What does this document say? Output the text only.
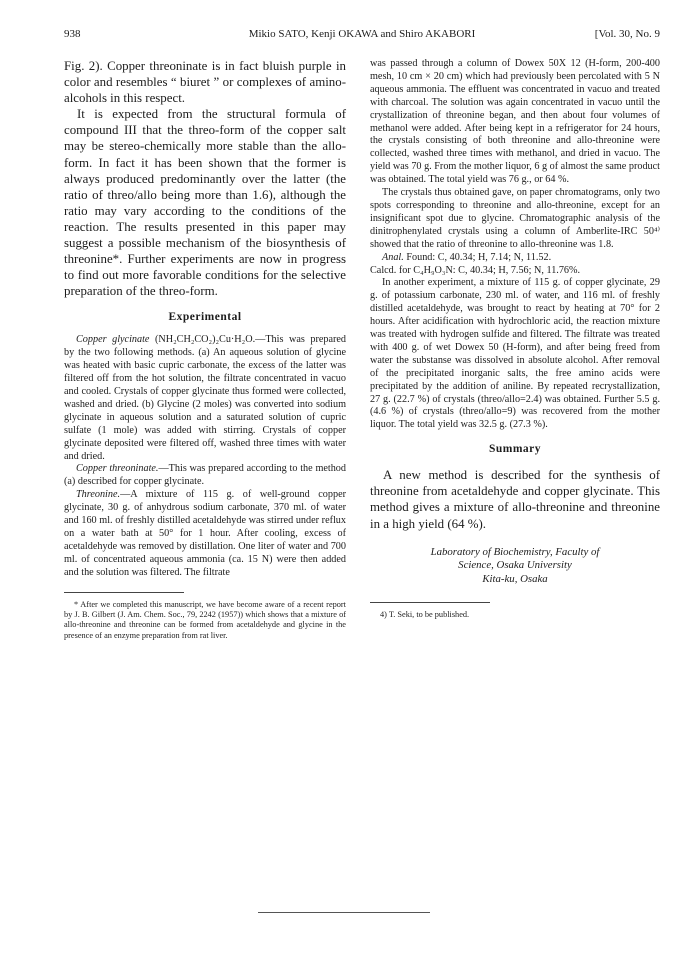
938	Mikio SATO, Kenji OKAWA and Shiro AKABORI	[Vol. 30, No. 9

Fig. 2). Copper threoninate is in fact bluish purple in color and resembles “ biuret ” or complexes of amino-alcohols in this respect.

It is expected from the structural formula of compound III that the threo-form of the copper salt may be stereo-chemically more stable than the allo-form. In fact it has been shown that the former is always produced predominantly over the latter (the ratio of threo/allo being more than 1.6), although the ratio may vary according to the conditions of the reaction. The results presented in this paper may suggest a possible mechanism of the biosynthesis of threonine*. Further experiments are now in progress to find out more favorable conditions for the selective preparation of the threo-form.

Experimental

Copper glycinate (NH₂CH₂CO₂)₂Cu·H₂O.—This was prepared by the two following methods. (a) An aqueous solution of glycine was heated with basic cupric carbonate, the excess of the latter was filtered off from the hot solution, the filtrate concentrated in vacuo and cooled. Crystals of copper glycinate thus formed were collected, washed and dried. (b) Glycine (2 moles) was converted into sodium glycinate in aqueous solution and a saturated solution of cupric sulfate (1 mole) was added with stirring. Crystals of copper glycinate deposited were filtered off, washed three times with water and dried.

Copper threoninate.—This was prepared according to the method (a) described for copper glycinate.

Threonine.—A mixture of 115 g. of well-ground copper glycinate, 30 g. of anhydrous sodium carbonate, 370 ml. of water and 160 ml. of freshly distilled acetaldehyde was stirred under reflux on a water bath at 50° for 1 hour. After cooling, excess of acetaldehyde was removed by distillation. One liter of water and 700 ml. of concentrated aqueous ammonia (ca. 15 N) were then added and the solution was filtered. The filtrate

* After we completed this manuscript, we have become aware of a recent report by J. B. Gilbert (J. Am. Chem. Soc., 79, 2242 (1957)) which shows that a mixture of allo-threonine and threonine can be formed from acetaldehyde and glycine in the presence of an enzyme preparation from rat liver.

was passed through a column of Dowex 50X 12 (H-form, 200-400 mesh, 10 cm × 20 cm) which had previously been percolated with 5 N aqueous ammonia. The effluent was concentrated in vacuo and treated with charcoal. The solution was again concentrated in vacuo until the crystallization of threonine began, and then about four volumes of methanol were added. After being kept in a refrigerator for 24 hours, the crystals consisting of both threonine and allo-threonine were collected, washed three times with methanol, and dried in vacuo. The yield was 70 g. From the mother liquor, 6 g of almost the same product was obtained. The total yield was 76 g., or 64 %.

The crystals thus obtained gave, on paper chromatograms, only two spots corresponding to threonine and allo-threonine, except for an insignificant spot due to glycine. Chromatographic analysis of the dinitrophenylated crystals using a column of Amberlite-IRC 50⁴⁾ showed that the ratio of threonine to allo-threonine was 1.8.

Anal. Found: C, 40.34; H, 7.14; N, 11.52.

Calcd. for C₄H₉O₃N: C, 40.34; H, 7.56; N, 11.76%.

In another experiment, a mixture of 115 g. of copper glycinate, 29 g. of potassium carbonate, 230 ml. of water, and 116 ml. of freshly distilled acetaldehyde, was brought to react by heating at 70° for 2 hours. After acidification with hydrochloric acid, the reaction mixture was treated with hydrogen sulfide and filtered. The filtrate was treated with 400 g. of wet Dowex 50 (H-form), and after being freed from water the substanse was dissolved in absolute alcohol. After removal of the precipitated inorganic salts, the free amino acids were precipitated by the addition of aniline. By repeated recrystallization, 27 g. (22.7 %) of crystals (threo/allo=2.4) was obtained. Further 5.5 g. (4.6 %) of crystals (threo/allo=9) was recovered from the mother liquor. The total yield was 32.5 g. (27.3 %).

Summary

A new method is described for the synthesis of threonine from acetaldehyde and copper glycinate. This method gives a mixture of allo-threonine and threonine in a high yield (64 %).

Laboratory of Biochemistry, Faculty of
Science, Osaka University
Kita-ku, Osaka

4) T. Seki, to be published.
